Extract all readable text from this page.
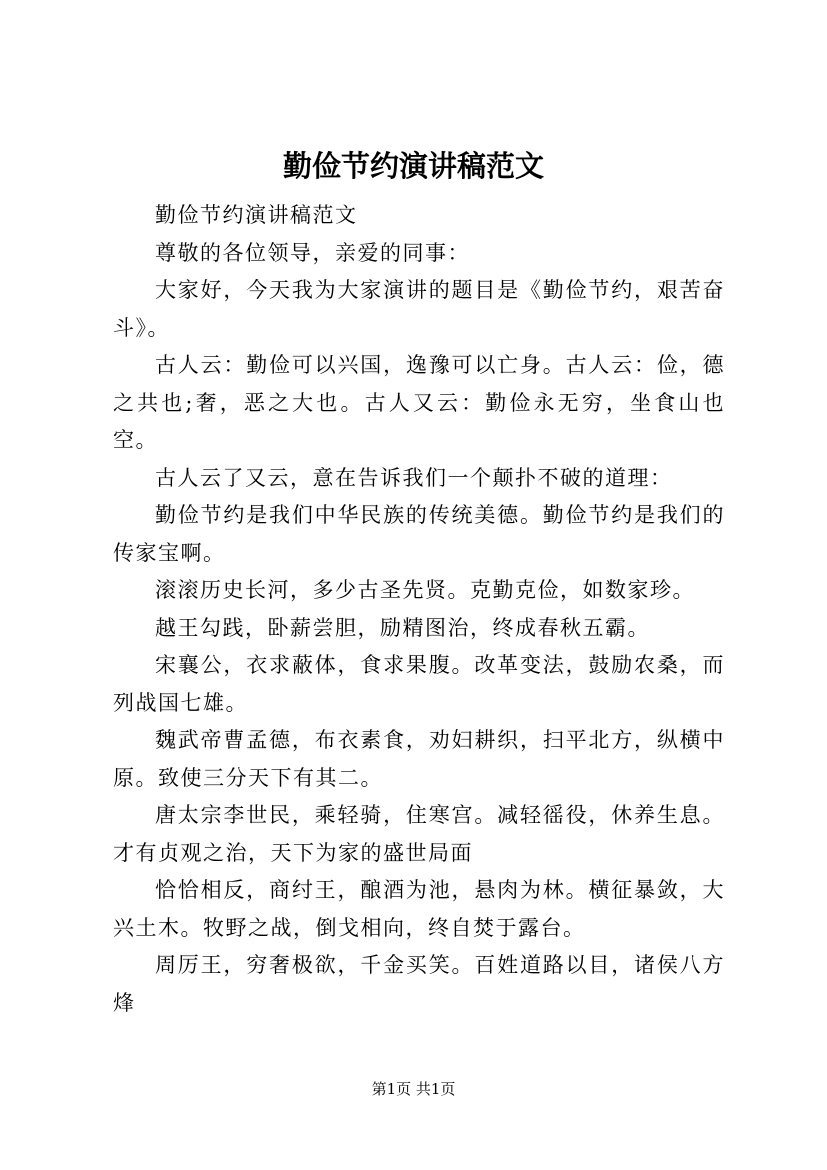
勤俭节约演讲稿范文

勤俭节约演讲稿范文

尊敬的各位领导，亲爱的同事：

大家好，今天我为大家演讲的题目是《勤俭节约，艰苦奋斗》。

古人云：勤俭可以兴国，逸豫可以亡身。古人云：俭，德之共也;奢，恶之大也。古人又云：勤俭永无穷，坐食山也空。

古人云了又云，意在告诉我们一个颠扑不破的道理：

勤俭节约是我们中华民族的传统美德。勤俭节约是我们的传家宝啊。

滚滚历史长河，多少古圣先贤。克勤克俭，如数家珍。

越王勾践，卧薪尝胆，励精图治，终成春秋五霸。

宋襄公，衣求蔽体，食求果腹。改革变法，鼓励农桑，而列战国七雄。

魏武帝曹孟德，布衣素食，劝妇耕织，扫平北方，纵横中原。致使三分天下有其二。

唐太宗李世民，乘轻骑，住寒宫。减轻徭役，休养生息。才有贞观之治，天下为家的盛世局面

恰恰相反，商纣王，酿酒为池，悬肉为林。横征暴敛，大兴土木。牧野之战，倒戈相向，终自焚于露台。

周厉王，穷奢极欲，千金买笑。百姓道路以目，诸侯八方烽

第1页 共1页
